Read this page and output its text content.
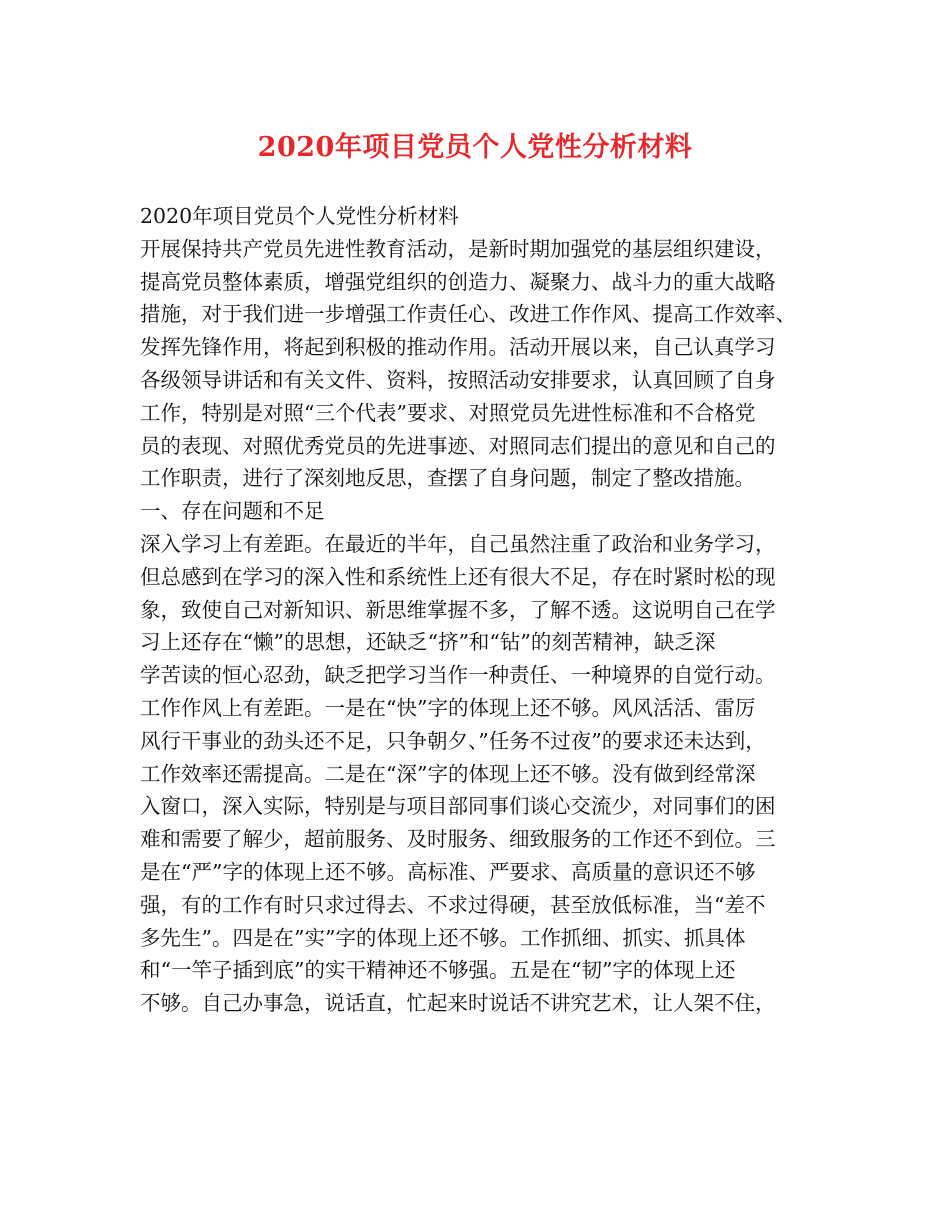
2020年项目党员个人党性分析材料
2020年项目党员个人党性分析材料
开展保持共产党员先进性教育活动，是新时期加强党的基层组织建设，
提高党员整体素质，增强党组织的创造力、凝聚力、战斗力的重大战略
措施，对于我们进一步增强工作责任心、改进工作作风、提高工作效率、
发挥先锋作用，将起到积极的推动作用。活动开展以来，自己认真学习
各级领导讲话和有关文件、资料，按照活动安排要求，认真回顾了自身
工作，特别是对照“三个代表”要求、对照党员先进性标准和不合格党
员的表现、对照优秀党员的先进事迹、对照同志们提出的意见和自己的
工作职责，进行了深刻地反思，查摆了自身问题，制定了整改措施。
一、存在问题和不足
深入学习上有差距。在最近的半年，自己虽然注重了政治和业务学习，
但总感到在学习的深入性和系统性上还有很大不足，存在时紧时松的现
象，致使自己对新知识、新思维掌握不多，了解不透。这说明自己在学
习上还存在“懒”的思想，还缺乏“挤”和“钻”的刻苦精神，缺乏深
学苦读的恒心忍劲，缺乏把学习当作一种责任、一种境界的自觉行动。
工作作风上有差距。一是在“快”字的体现上还不够。风风活活、雷厉
风行干事业的劲头还不足，只争朝夕、”任务不过夜”的要求还未达到，
工作效率还需提高。二是在“深”字的体现上还不够。没有做到经常深
入窗口，深入实际，特别是与项目部同事们谈心交流少，对同事们的困
难和需要了解少，超前服务、及时服务、细致服务的工作还不到位。三
是在“严”字的体现上还不够。高标准、严要求、高质量的意识还不够
强，有的工作有时只求过得去、不求过得硬，甚至放低标准，当“差不
多先生”。四是在”实”字的体现上还不够。工作抓细、抓实、抓具体
和“一竿子插到底”的实干精神还不够强。五是在“韧”字的体现上还
不够。自己办事急，说话直，忙起来时说话不讲究艺术，让人架不住，
